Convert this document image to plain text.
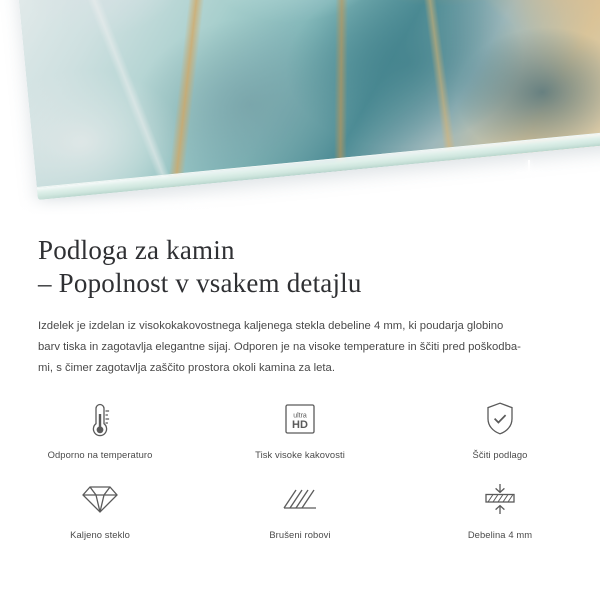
Podloga za kamin
– Popolnost v vsakem detajlu

Izdelek je izdelan iz visokokakovostnega kaljenega stekla debeline 4 mm, ki poudarja globino
barv tiska in zagotavlja elegantne sijaj. Odporen je na visoke temperature in ščiti pred poškodba-
mi, s čimer zagotavlja zaščito prostora okoli kamina za leta.

Odporno na temperaturo
ultra
HD
Tisk visoke kakovosti	Ščiti podlago
Kaljeno steklo	Brušeni robovi	Debelina 4 mm
